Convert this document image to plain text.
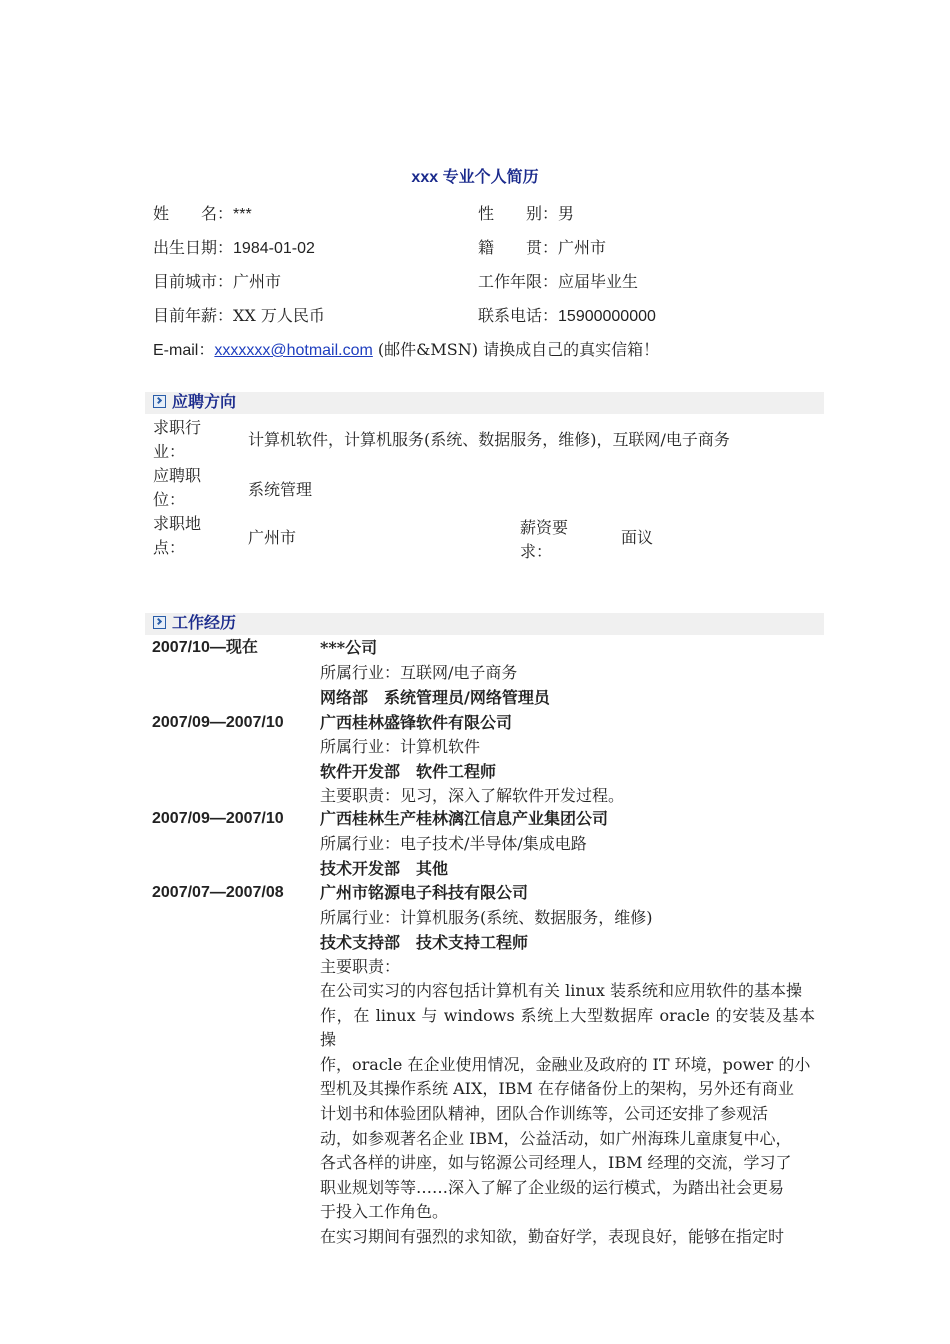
xxx 专业个人简历
姓　　名：***	性　　别：男
出生日期：1984-01-02	籍　　贯：广州市
目前城市：广州市	工作年限：应届毕业生
目前年薪：XX 万人民币	联系电话：15900000000
E-mail：xxxxxxx@hotmail.com (邮件&MSN) 请换成自己的真实信箱！
应聘方向
求职行
业：
计算机软件，计算机服务(系统、数据服务，维修)，互联网/电子商务
应聘职
位：
系统管理
求职地
点：
广州市
薪资要
求：
面议
工作经历
2007/10—现在	***公司
所属行业：互联网/电子商务
网络部　系统管理员/网络管理员
2007/09—2007/10 广西桂林盛锋软件有限公司
所属行业：计算机软件
软件开发部　软件工程师
主要职责：见习，深入了解软件开发过程。
2007/09—2007/10 广西桂林生产桂林漓江信息产业集团公司
所属行业：电子技术/半导体/集成电路
技术开发部　其他
2007/07—2007/08 广州市铭源电子科技有限公司
所属行业：计算机服务(系统、数据服务，维修)
技术支持部　技术支持工程师
主要职责：
在公司实习的内容包括计算机有关 linux 装系统和应用软件的基本操
作，在 linux 与 windows 系统上大型数据库 oracle 的安装及基本操
作，oracle 在企业使用情况，金融业及政府的 IT 环境，power 的小
型机及其操作系统 AIX，IBM 在存储备份上的架构，另外还有商业
计划书和体验团队精神，团队合作训练等，公司还安排了参观活
动，如参观著名企业 IBM，公益活动，如广州海珠儿童康复中心，
各式各样的讲座，如与铭源公司经理人，IBM 经理的交流，学习了
职业规划等等……深入了解了企业级的运行模式，为踏出社会更易
于投入工作角色。
在实习期间有强烈的求知欲，勤奋好学，表现良好，能够在指定时
